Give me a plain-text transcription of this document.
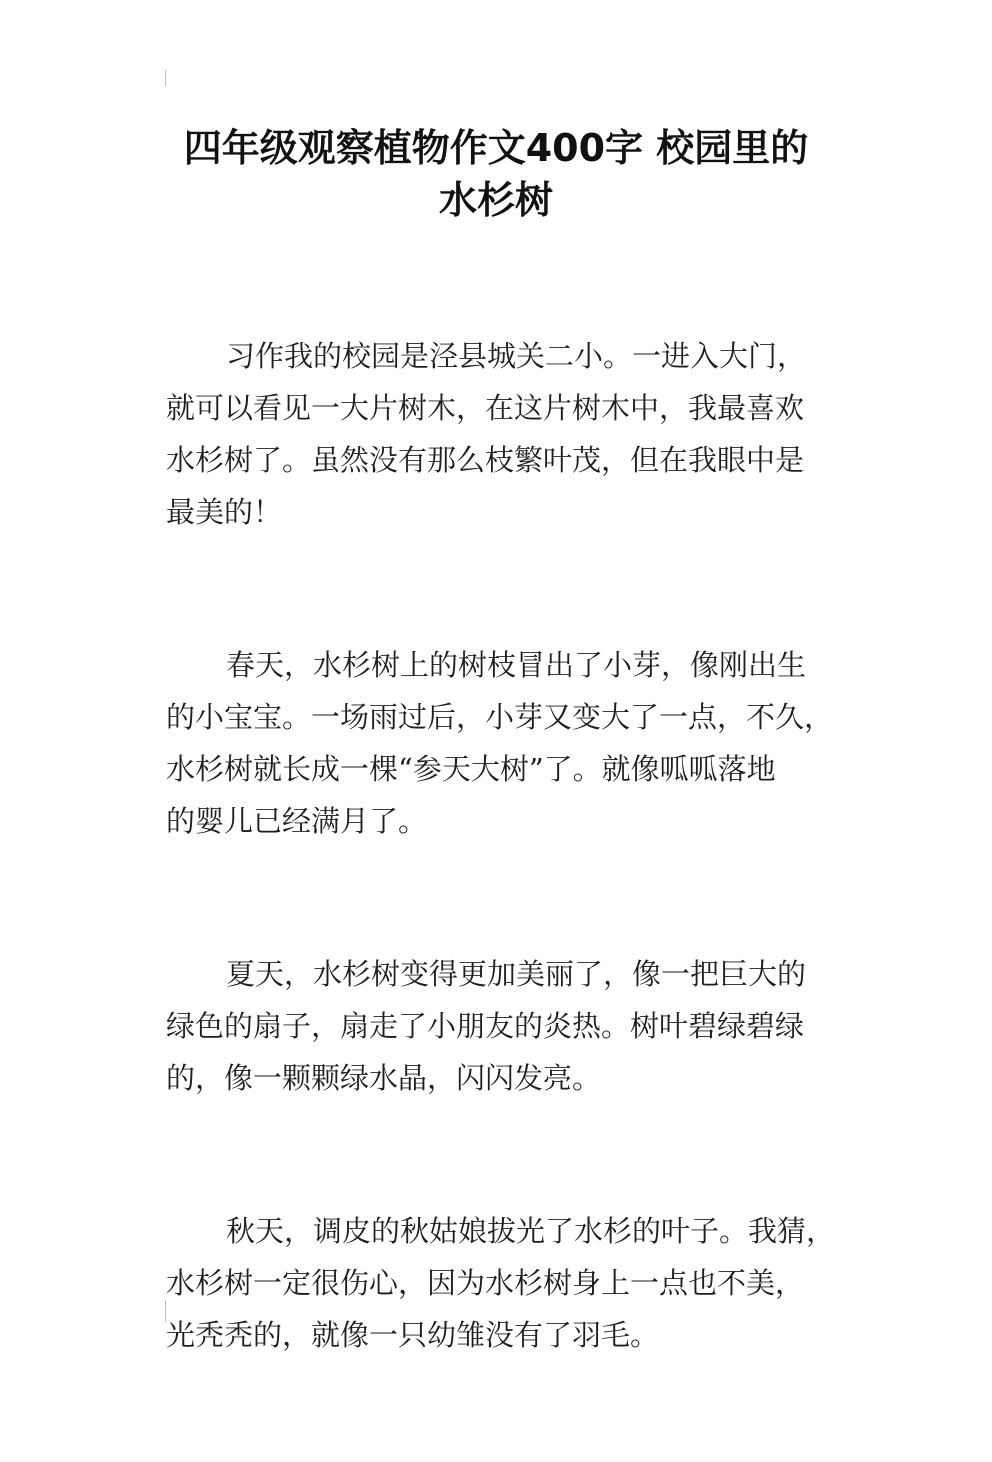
四年级观察植物作文400字 校园里的
水杉树

习作我的校园是泾县城关二小。一进入大门，
就可以看见一大片树木，在这片树木中，我最喜欢
水杉树了。虽然没有那么枝繁叶茂，但在我眼中是
最美的！

春天，水杉树上的树枝冒出了小芽，像刚出生
的小宝宝。一场雨过后，小芽又变大了一点，不久，
水杉树就长成一棵“参天大树”了。就像呱呱落地
的婴儿已经满月了。

夏天，水杉树变得更加美丽了，像一把巨大的
绿色的扇子，扇走了小朋友的炎热。树叶碧绿碧绿
的，像一颗颗绿水晶，闪闪发亮。

秋天，调皮的秋姑娘拔光了水杉的叶子。我猜，
水杉树一定很伤心，因为水杉树身上一点也不美，
光秃秃的，就像一只幼雏没有了羽毛。
